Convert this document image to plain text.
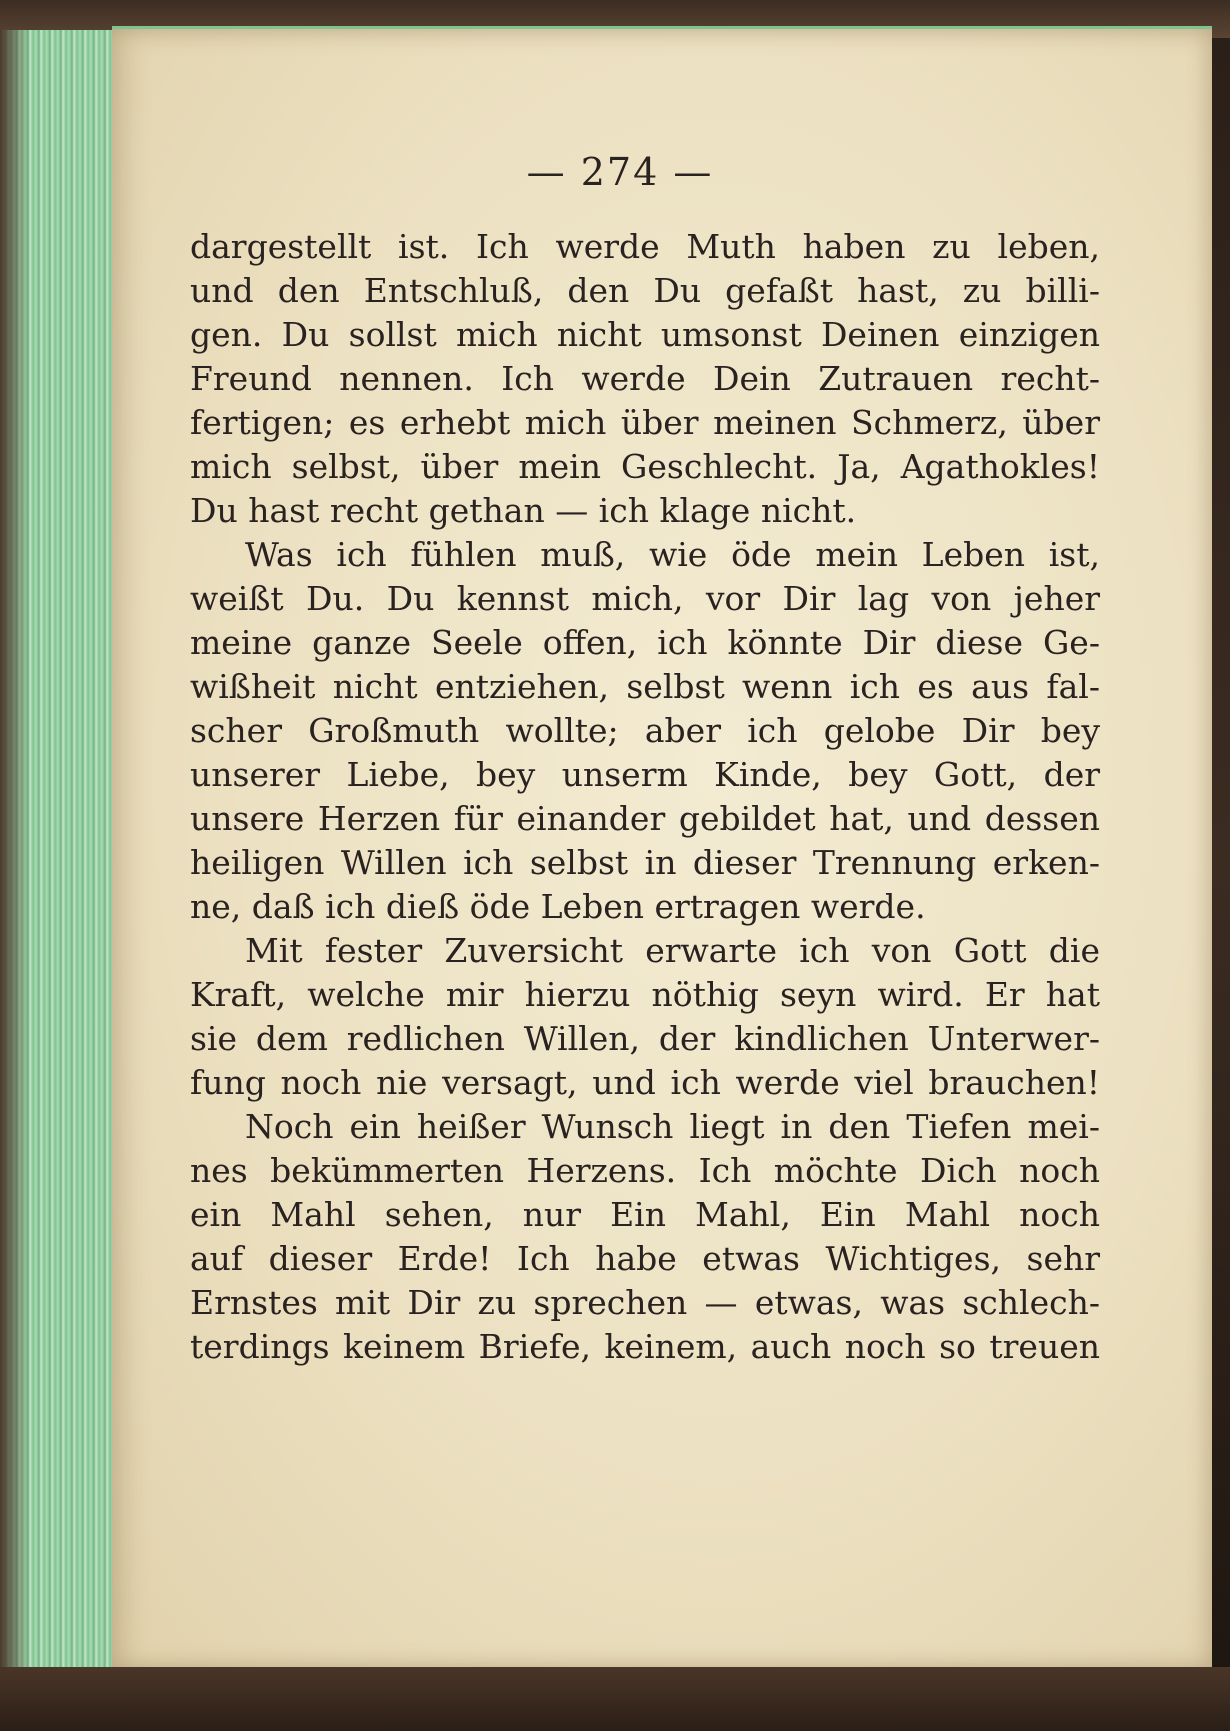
— 274 —
dargestellt ist. Ich werde Muth haben zu leben,
und den Entschluß, den Du gefaßt hast, zu billi-
gen. Du sollst mich nicht umsonst Deinen einzigen
Freund nennen. Ich werde Dein Zutrauen recht-
fertigen; es erhebt mich über meinen Schmerz, über
mich selbst, über mein Geschlecht. Ja, Agathokles!
Du hast recht gethan — ich klage nicht.
Was ich fühlen muß, wie öde mein Leben ist,
weißt Du. Du kennst mich, vor Dir lag von jeher
meine ganze Seele offen, ich könnte Dir diese Ge-
wißheit nicht entziehen, selbst wenn ich es aus fal-
scher Großmuth wollte; aber ich gelobe Dir bey
unserer Liebe, bey unserm Kinde, bey Gott, der
unsere Herzen für einander gebildet hat, und dessen
heiligen Willen ich selbst in dieser Trennung erken-
ne, daß ich dieß öde Leben ertragen werde.
Mit fester Zuversicht erwarte ich von Gott die
Kraft, welche mir hierzu nöthig seyn wird. Er hat
sie dem redlichen Willen, der kindlichen Unterwer-
fung noch nie versagt, und ich werde viel brauchen!
Noch ein heißer Wunsch liegt in den Tiefen mei-
nes bekümmerten Herzens. Ich möchte Dich noch
ein Mahl sehen, nur Ein Mahl, Ein Mahl noch
auf dieser Erde! Ich habe etwas Wichtiges, sehr
Ernstes mit Dir zu sprechen — etwas, was schlech-
terdings keinem Briefe, keinem, auch noch so treuen
